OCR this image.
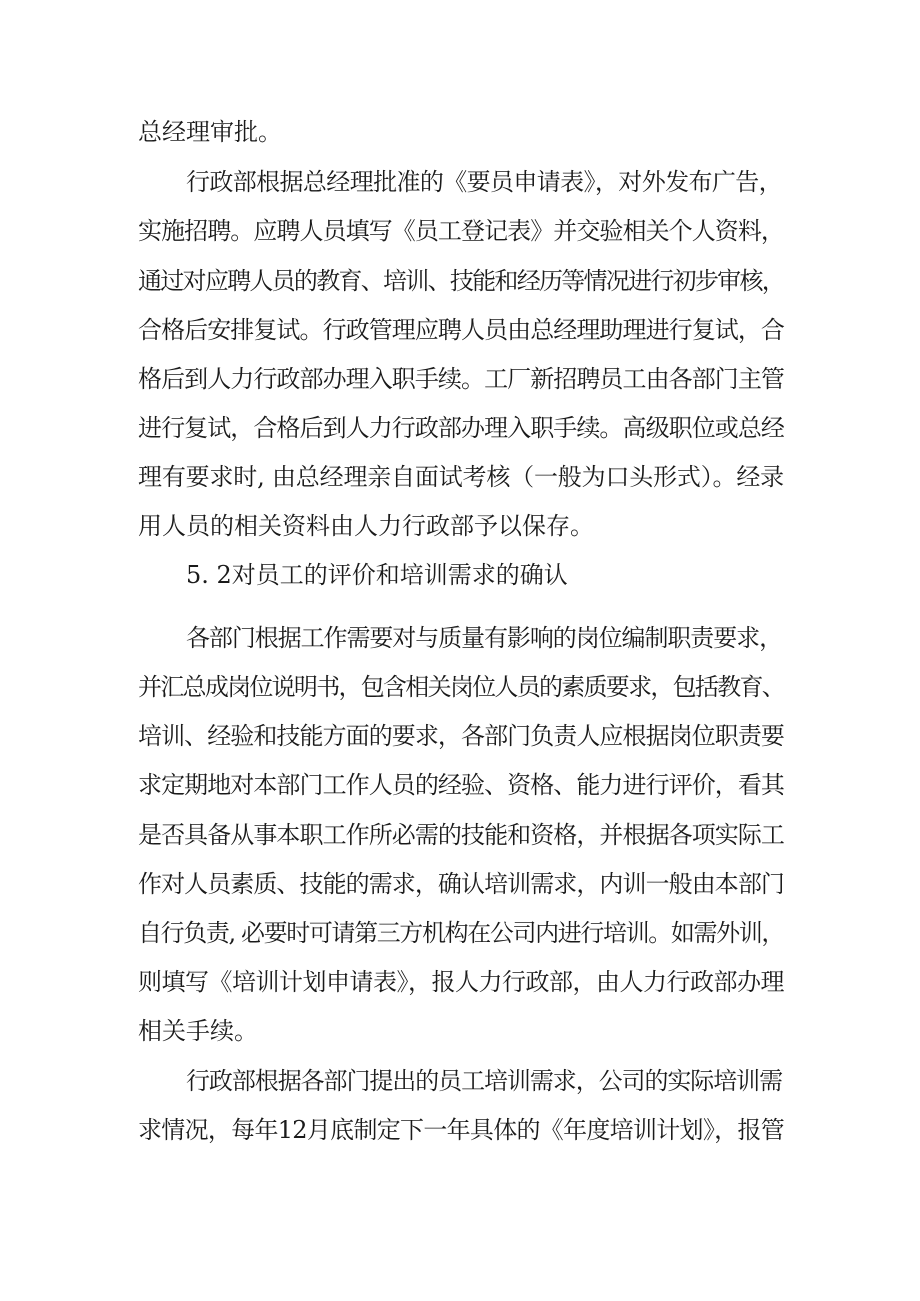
总经理审批。
行政部根据总经理批准的《要员申请表》，对外发布广告，
实施招聘。应聘人员填写《员工登记表》并交验相关个人资料，
通过对应聘人员的教育、培训、技能和经历等情况进行初步审核，
合格后安排复试。行政管理应聘人员由总经理助理进行复试，合
格后到人力行政部办理入职手续。工厂新招聘员工由各部门主管
进行复试，合格后到人力行政部办理入职手续。高级职位或总经
理有要求时, 由总经理亲自面试考核（一般为口头形式）。经录
用人员的相关资料由人力行政部予以保存。
5. 2对员工的评价和培训需求的确认
各部门根据工作需要对与质量有影响的岗位编制职责要求，
并汇总成岗位说明书，包含相关岗位人员的素质要求，包括教育、
培训、经验和技能方面的要求，各部门负责人应根据岗位职责要
求定期地对本部门工作人员的经验、资格、能力进行评价，看其
是否具备从事本职工作所必需的技能和资格，并根据各项实际工
作对人员素质、技能的需求，确认培训需求，内训一般由本部门
自行负责, 必要时可请第三方机构在公司内进行培训。如需外训，
则填写《培训计划申请表》，报人力行政部，由人力行政部办理
相关手续。
行政部根据各部门提出的员工培训需求，公司的实际培训需
求情况，每年12月底制定下一年具体的《年度培训计划》，报管
